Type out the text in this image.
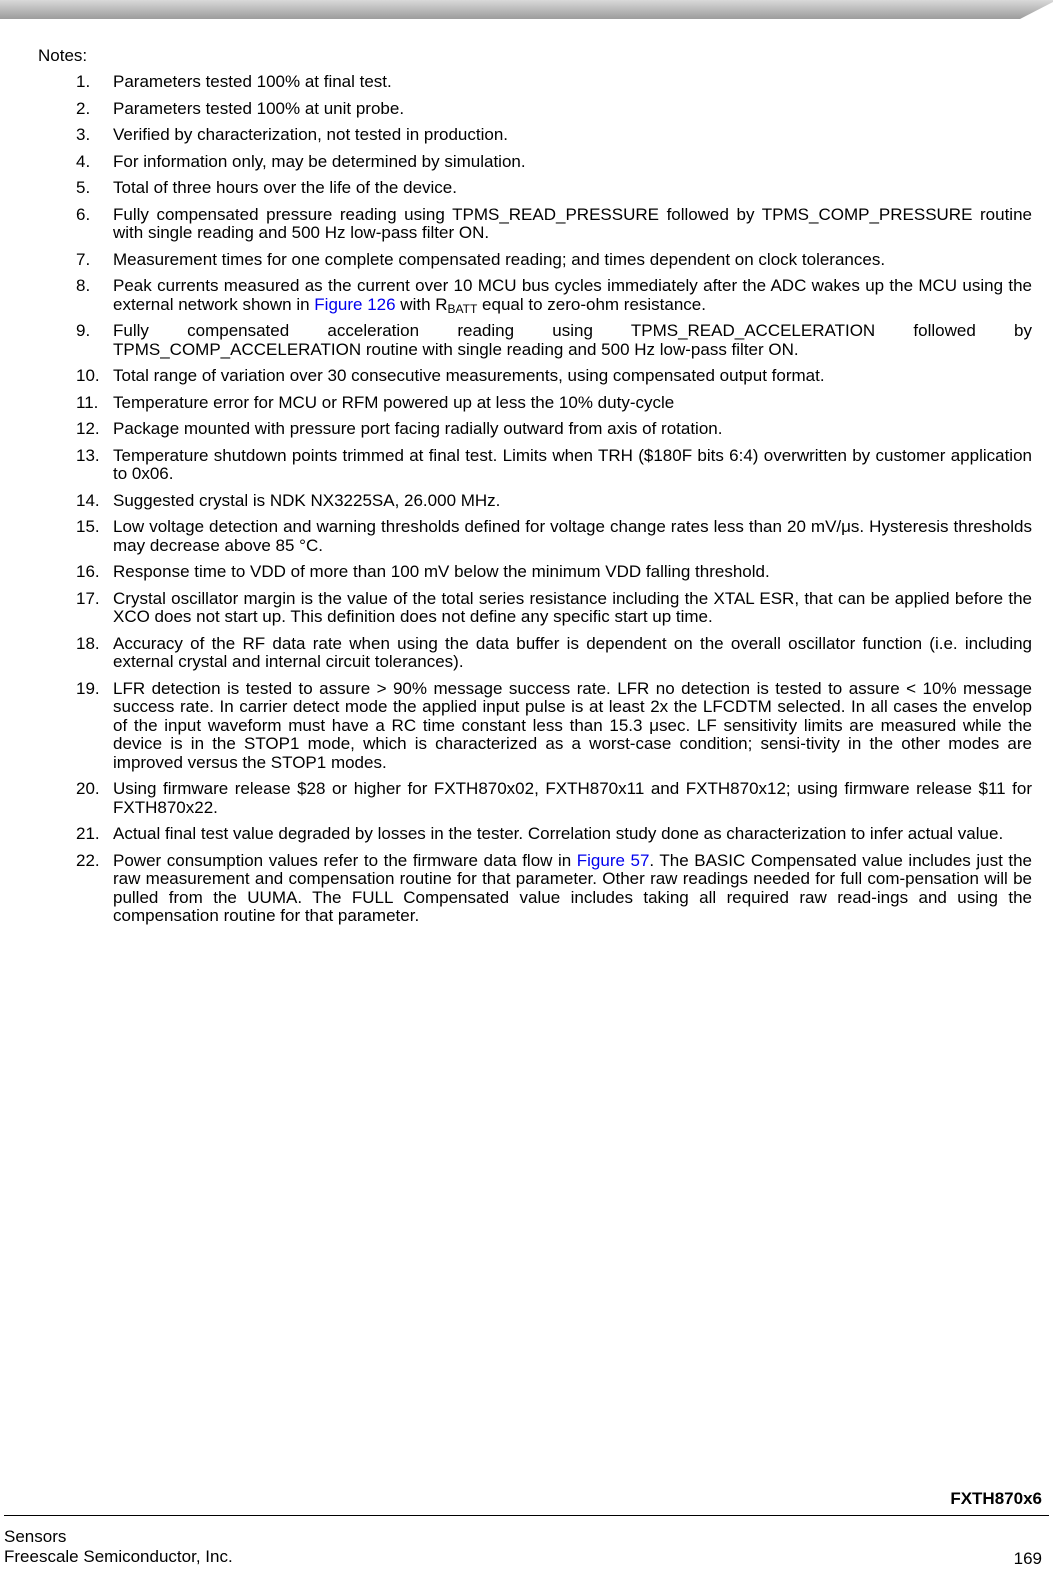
Notes:

1. Parameters tested 100% at final test.
2. Parameters tested 100% at unit probe.
3. Verified by characterization, not tested in production.
4. For information only, may be determined by simulation.
5. Total of three hours over the life of the device.
6. Fully compensated pressure reading using TPMS_READ_PRESSURE followed by TPMS_COMP_PRESSURE routine with single reading and 500 Hz low-pass filter ON.
7. Measurement times for one complete compensated reading; and times dependent on clock tolerances.
8. Peak currents measured as the current over 10 MCU bus cycles immediately after the ADC wakes up the MCU using the external network shown in Figure 126 with $R_{BATT}$ equal to zero-ohm resistance.
9. Fully compensated acceleration reading using TPMS_READ_ACCELERATION followed by TPMS_COMP_ACCELERATION routine with single reading and 500 Hz low-pass filter ON.
10. Total range of variation over 30 consecutive measurements, using compensated output format.
11. Temperature error for MCU or RFM powered up at less the 10% duty-cycle
12. Package mounted with pressure port facing radially outward from axis of rotation.
13. Temperature shutdown points trimmed at final test. Limits when TRH ($180F bits 6:4) overwritten by customer application to 0x06.
14. Suggested crystal is NDK NX3225SA, 26.000 MHz.
15. Low voltage detection and warning thresholds defined for voltage change rates less than 20 mV/μs. Hysteresis thresholds may decrease above 85 °C.
16. Response time to VDD of more than 100 mV below the minimum VDD falling threshold.
17. Crystal oscillator margin is the value of the total series resistance including the XTAL ESR, that can be applied before the XCO does not start up. This definition does not define any specific start up time.
18. Accuracy of the RF data rate when using the data buffer is dependent on the overall oscillator function (i.e. including external crystal and internal circuit tolerances).
19. LFR detection is tested to assure > 90% message success rate. LFR no detection is tested to assure < 10% message success rate. In carrier detect mode the applied input pulse is at least 2x the LFCDTM selected. In all cases the envelop of the input waveform must have a RC time constant less than 15.3 μsec. LF sensitivity limits are measured while the device is in the STOP1 mode, which is characterized as a worst-case condition; sensi-tivity in the other modes are improved versus the STOP1 modes.
20. Using firmware release $28 or higher for FXTH870x02, FXTH870x11 and FXTH870x12; using firmware release $11 for FXTH870x22.
21. Actual final test value degraded by losses in the tester. Correlation study done as characterization to infer actual value.
22. Power consumption values refer to the firmware data flow in Figure 57. The BASIC Compensated value includes just the raw measurement and compensation routine for that parameter. Other raw readings needed for full com-pensation will be pulled from the UUMA. The FULL Compensated value includes taking all required raw read-ings and using the compensation routine for that parameter.
FXTH870x6
Sensors
Freescale Semiconductor, Inc.	169
